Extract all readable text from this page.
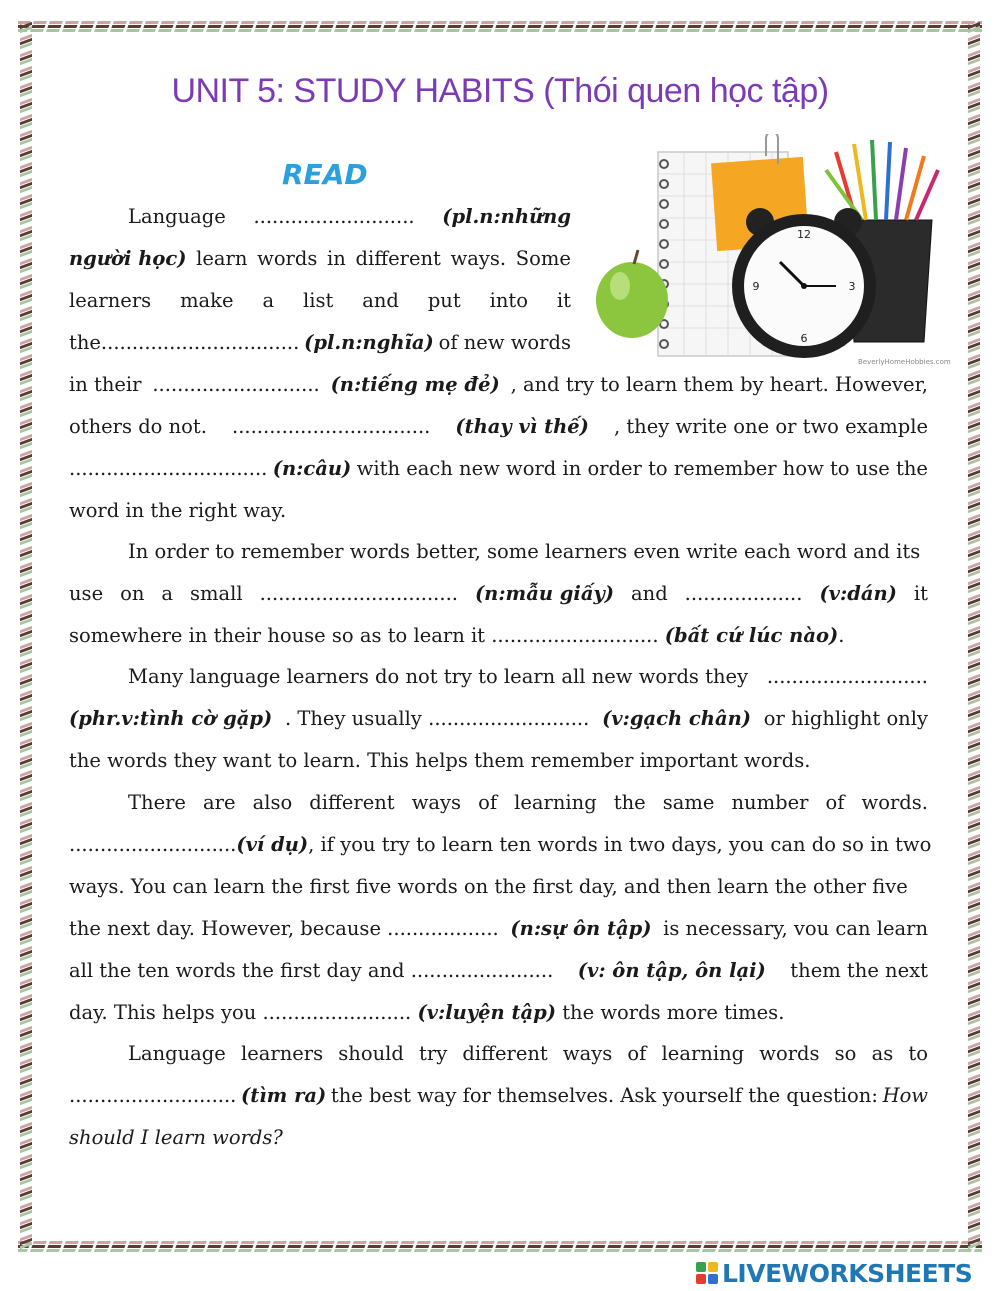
UNIT 5: STUDY HABITS (Thói quen học tập)
READ
12
3
6
9
BeverlyHomeHobbies.com
Language .......................... (pl.n:những
người học) learn words in different ways. Some
learners make a list and put into it
the................................ (pl.n:nghĩa) of new words
in their ........................... (n:tiếng mẹ đẻ) , and try to learn them by heart. However,
others do not. ................................ (thay vì thế) , they write one or two example
................................ (n:câu) with each new word in order to remember how to use the
word in the right way.
In order to remember words better, some learners even write each word and its
use on a small ................................ (n:mẫu giấy) and ................... (v:dán) it
somewhere in their house so as to learn it ........................... (bất cứ lúc nào).
Many language learners do not try to learn all new words they ..........................
(phr.v:tình cờ gặp) . They usually .......................... (v:gạch chân) or highlight only
the words they want to learn. This helps them remember important words.
There are also different ways of learning the same number of words.
........................... (ví dụ) , if you try to learn ten words in two days, you can do so in two
ways. You can learn the first five words on the first day, and then learn the other five
the next day. However, because .................. (n:sự ôn tập) is necessary, vou can learn
all the ten words the first day and ....................... (v: ôn tập, ôn lại) them the next
day. This helps you ........................ (v:luyện tập) the words more times.
Language learners should try different ways of learning words so as to
........................... (tìm ra) the best way for themselves. Ask yourself the question: How
should I learn words?
LIVEWORKSHEETS
